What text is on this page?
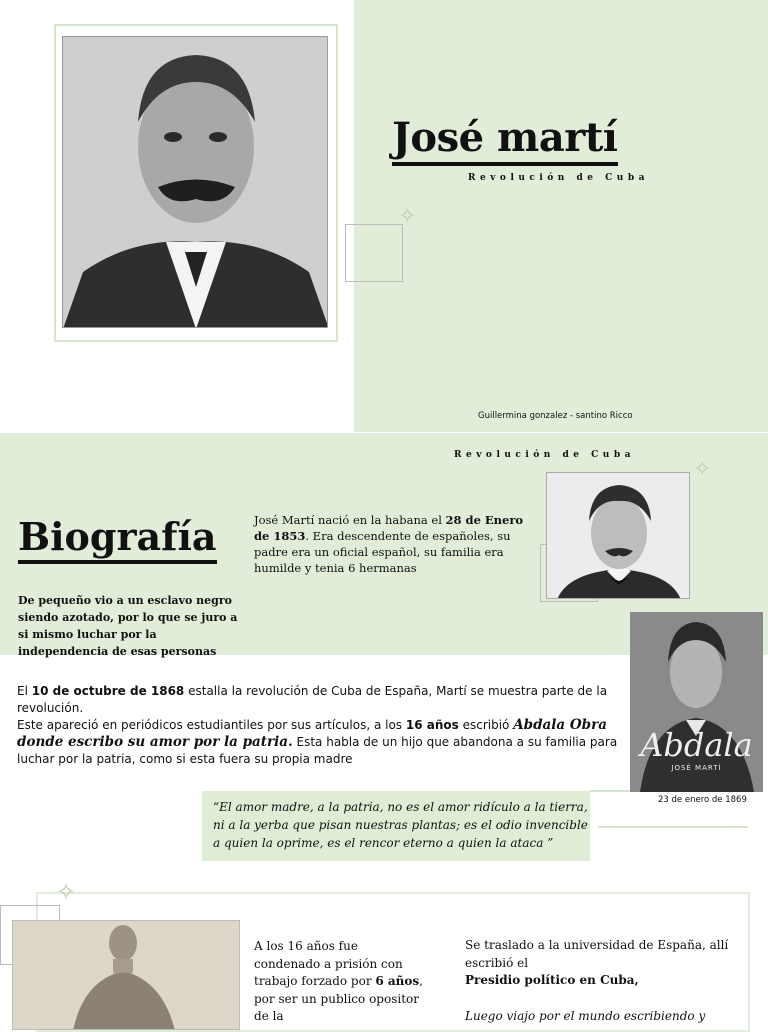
José martí
Revolución de Cuba
✧
Guillermina gonzalez - santino Ricco
Revolución de Cuba
✧
Biografía	José Martí nació en la habana el 28 de Enero de 1853. Era descendente de españoles, su padre era un oficial español, su familia era humilde y tenia 6 hermanas
De pequeño vio a un esclavo negro siendo azotado, por lo que se juro a si mismo luchar por la independencia de esas personas
Abdala
JOSÉ MARTÍ
23 de enero de 1869
El 10 de octubre de 1868 estalla la revolución de Cuba de España, Martí se muestra parte de la revolución.
Este apareció en periódicos estudiantiles por sus artículos, a los 16 años escribió Abdala Obra donde escribo su amor por la patria. Esta habla de un hijo que abandona a su familia para luchar por la patria, como si esta fuera su propia madre
“El amor madre, a la patria, no es el amor ridículo a la tierra, ni a la yerba que pisan nuestras plantas; es el odio invencible a quien la oprime, es el rencor eterno a quien la ataca ”
✧
A los 16 años fue condenado a prisión con trabajo forzado por 6 años, por ser un publico opositor de la
Se traslado a la universidad de España, allí escribió el
Presidio político en Cuba,
Luego viajo por el mundo escribiendo y
